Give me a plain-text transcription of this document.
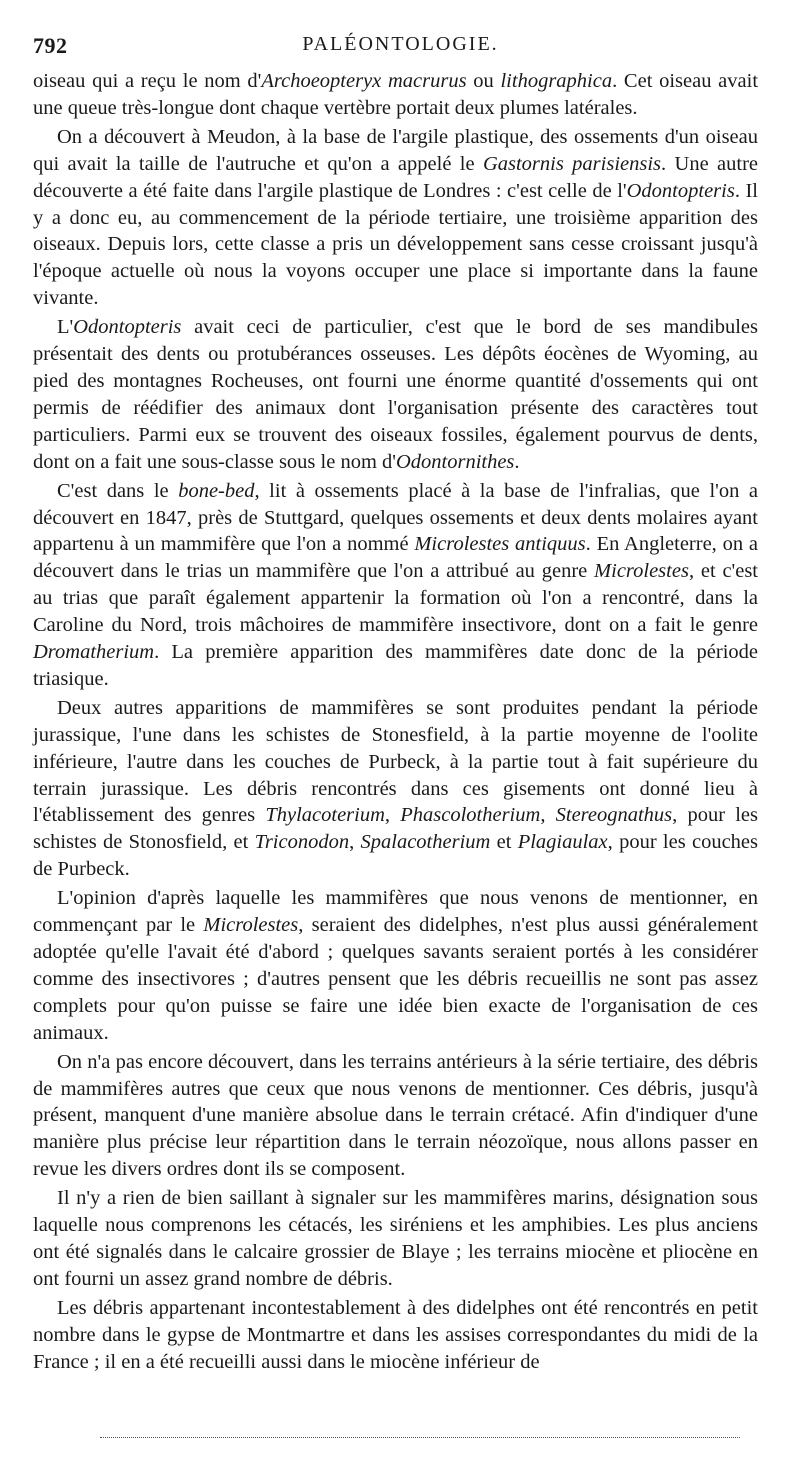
792	PALÉONTOLOGIE.

oiseau qui a reçu le nom d'Archoeopteryx macrurus ou lithographica. Cet oiseau avait une queue très-longue dont chaque vertèbre portait deux plumes latérales.

On a découvert à Meudon, à la base de l'argile plastique, des ossements d'un oiseau qui avait la taille de l'autruche et qu'on a appelé le Gastornis parisiensis. Une autre découverte a été faite dans l'argile plastique de Londres : c'est celle de l'Odontopteris. Il y a donc eu, au commencement de la période tertiaire, une troisième apparition des oiseaux. Depuis lors, cette classe a pris un développement sans cesse croissant jusqu'à l'époque actuelle où nous la voyons occuper une place si importante dans la faune vivante.

L'Odontopteris avait ceci de particulier, c'est que le bord de ses mandibules présentait des dents ou protubérances osseuses. Les dépôts éocènes de Wyoming, au pied des montagnes Rocheuses, ont fourni une énorme quantité d'ossements qui ont permis de réédifier des animaux dont l'organisation présente des caractères tout particuliers. Parmi eux se trouvent des oiseaux fossiles, également pourvus de dents, dont on a fait une sous-classe sous le nom d'Odontornithes.

C'est dans le bone-bed, lit à ossements placé à la base de l'infralias, que l'on a découvert en 1847, près de Stuttgard, quelques ossements et deux dents molaires ayant appartenu à un mammifère que l'on a nommé Microlestes antiquus. En Angleterre, on a découvert dans le trias un mammifère que l'on a attribué au genre Microlestes, et c'est au trias que paraît également appartenir la formation où l'on a rencontré, dans la Caroline du Nord, trois mâchoires de mammifère insectivore, dont on a fait le genre Dromatherium. La première apparition des mammifères date donc de la période triasique.

Deux autres apparitions de mammifères se sont produites pendant la période jurassique, l'une dans les schistes de Stonesfield, à la partie moyenne de l'oolite inférieure, l'autre dans les couches de Purbeck, à la partie tout à fait supérieure du terrain jurassique. Les débris rencontrés dans ces gisements ont donné lieu à l'établissement des genres Thylacoterium, Phascolotherium, Stereognathus, pour les schistes de Stonosfield, et Triconodon, Spalacotherium et Plagiaulax, pour les couches de Purbeck.

L'opinion d'après laquelle les mammifères que nous venons de mentionner, en commençant par le Microlestes, seraient des didelphes, n'est plus aussi généralement adoptée qu'elle l'avait été d'abord ; quelques savants seraient portés à les considérer comme des insectivores ; d'autres pensent que les débris recueillis ne sont pas assez complets pour qu'on puisse se faire une idée bien exacte de l'organisation de ces animaux.

On n'a pas encore découvert, dans les terrains antérieurs à la série tertiaire, des débris de mammifères autres que ceux que nous venons de mentionner. Ces débris, jusqu'à présent, manquent d'une manière absolue dans le terrain crétacé. Afin d'indiquer d'une manière plus précise leur répartition dans le terrain néozoïque, nous allons passer en revue les divers ordres dont ils se composent.

Il n'y a rien de bien saillant à signaler sur les mammifères marins, désignation sous laquelle nous comprenons les cétacés, les siréniens et les amphibies. Les plus anciens ont été signalés dans le calcaire grossier de Blaye ; les terrains miocène et pliocène en ont fourni un assez grand nombre de débris.

Les débris appartenant incontestablement à des didelphes ont été rencontrés en petit nombre dans le gypse de Montmartre et dans les assises correspondantes du midi de la France ; il en a été recueilli aussi dans le miocène inférieur de
